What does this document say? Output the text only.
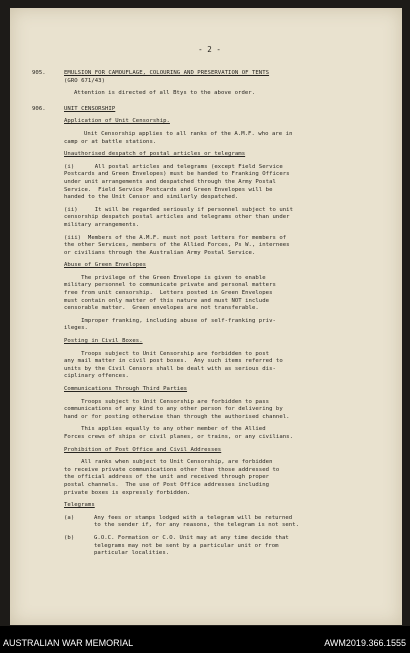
- 2 -
905.	EMULSION FOR CAMOUFLAGE, COLOURING AND PRESERVATION OF TENTS
(GRO 671/43)
Attention is directed of all Btys to the above order.
906.	UNIT CENSORSHIP
Application of Unit Censorship.
Unit Censorship applies to all ranks of the A.M.F. who are in
camp or at battle stations.
Unauthorised despatch of postal articles or telegrams
(i)      All postal articles and telegrams (except Field Service
Postcards and Green Envelopes) must be handed to Franking Officers
under unit arrangements and despatched through the Army Postal
Service.  Field Service Postcards and Green Envelopes will be
handed to the Unit Censor and similarly despatched.
(ii)     It will be regarded seriously if personnel subject to unit
censorship despatch postal articles and telegrams other than under
military arrangements.
(iii)  Members of the A.M.F. must not post letters for members of
the other Services, members of the Allied Forces, Ps W., internees
or civilians through the Australian Army Postal Service.
Abuse of Green Envelopes
The privilege of the Green Envelope is given to enable
military personnel to communicate private and personal matters
free from unit censorship.  Letters posted in Green Envelopes
must contain only matter of this nature and must NOT include
censorable matter.  Green envelopes are not transferable.
Improper franking, including abuse of self-franking priv-
ileges.
Posting in Civil Boxes.
Troops subject to Unit Censorship are forbidden to post
any mail matter in civil post boxes.  Any such items referred to
units by the Civil Censors shall be dealt with as serious dis-
ciplinary offences.
Communications Through Third Parties
Troops subject to Unit Censorship are forbidden to pass
communications of any kind to any other person for delivering by
hand or for posting otherwise than through the authorised channel.
This applies equally to any other member of the Allied
Forces crews of ships or civil planes, or trains, or any civilians.
Prohibition of Post Office and Civil Addresses
All ranks when subject to Unit Censorship, are forbidden
to receive private communications other than those addressed to
the official address of the unit and received through proper
postal channels.  The use of Post Office addresses including
private boxes is expressly forbidden.
Telegrams
(a)	Any fees or stamps lodged with a telegram will be returned
to the sender if, for any reasons, the telegram is not sent.
(b)	G.O.C. Formation or C.O. Unit may at any time decide that
telegrams may not be sent by a particular unit or from
particular localities.
AUSTRALIAN WAR MEMORIAL	AWM2019.366.1555
